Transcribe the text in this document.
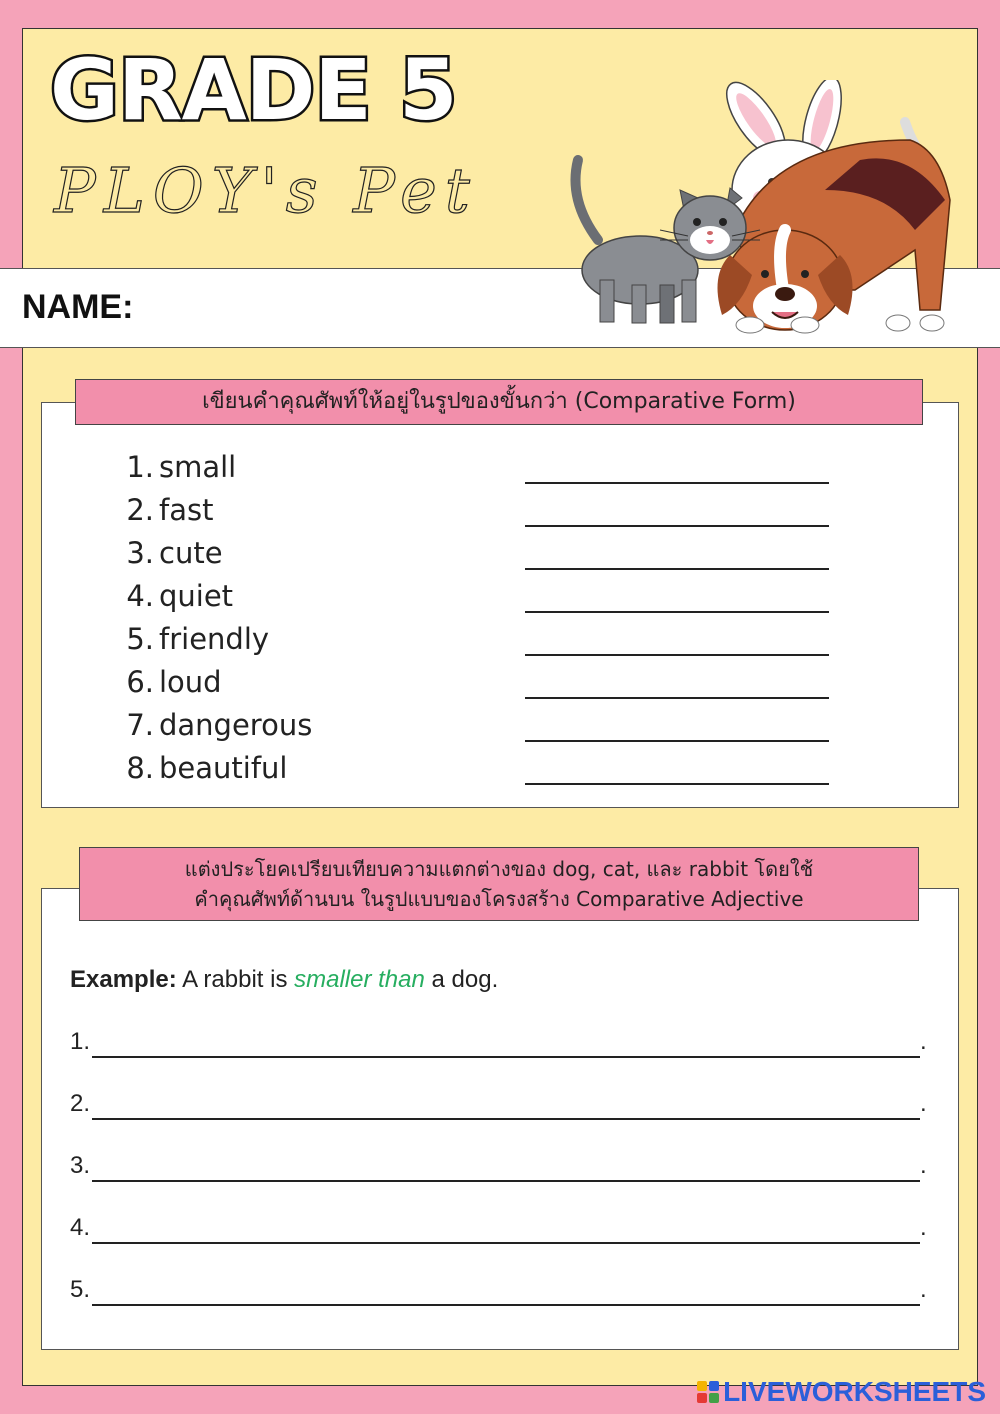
GRADE 5
PLOY's Pet
NAME:
เขียนคำคุณศัพท์ให้อยู่ในรูปของขั้นกว่า (Comparative Form)
1. small
2. fast
3. cute
4. quiet
5. friendly
6. loud
7. dangerous
8. beautiful
แต่งประโยคเปรียบเทียบความแตกต่างของ dog, cat, และ rabbit โดยใช้
คำคุณศัพท์ด้านบน ในรูปแบบของโครงสร้าง Comparative Adjective
Example: A rabbit is smaller than a dog.
1.	.
2.	.
3.	.
4.	.
5.	.
LIVEWORKSHEETS
